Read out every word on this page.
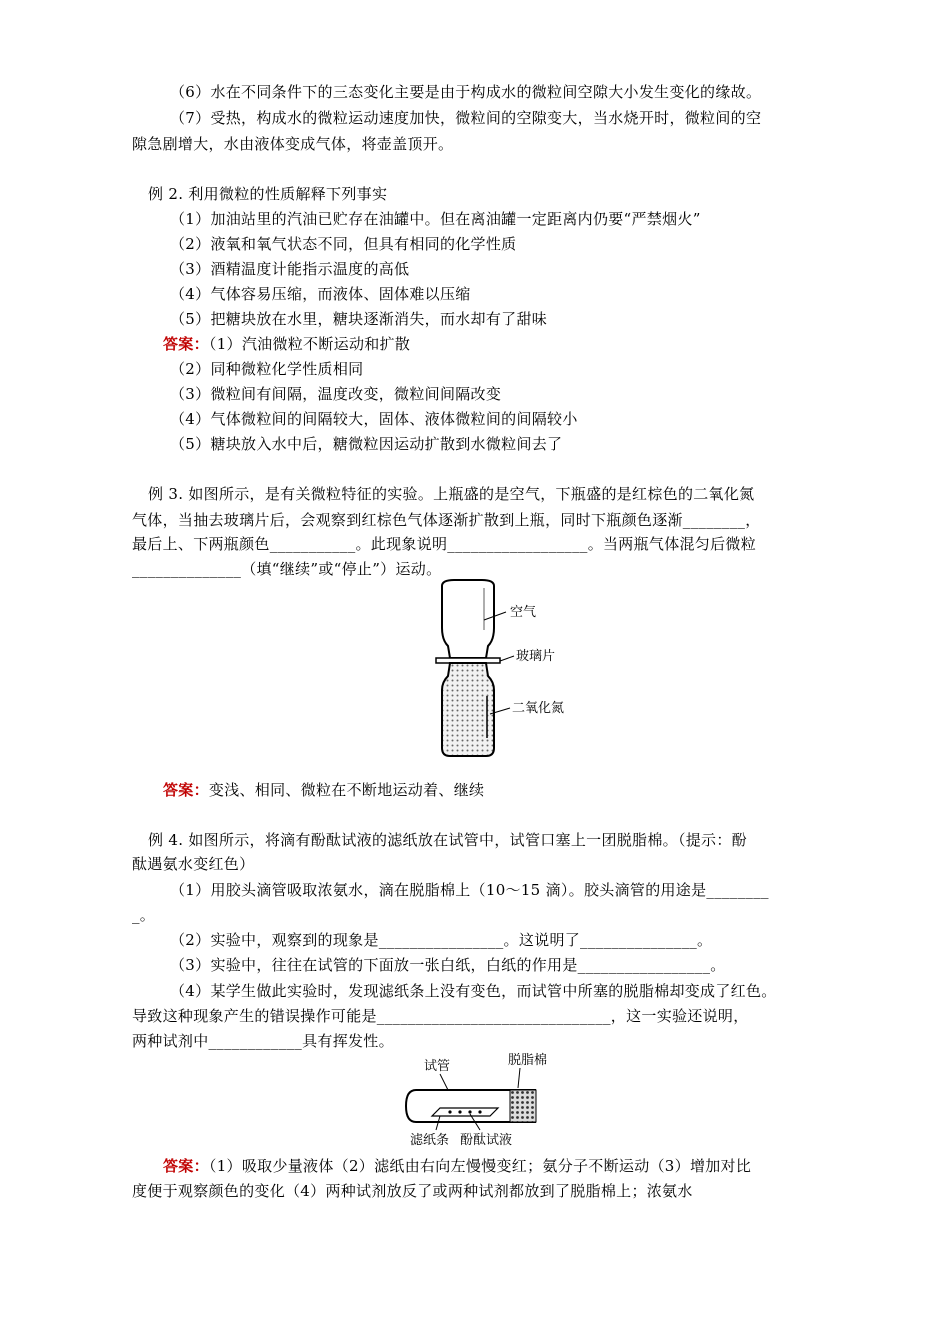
（6）水在不同条件下的三态变化主要是由于构成水的微粒间空隙大小发生变化的缘故。
（7）受热，构成水的微粒运动速度加快，微粒间的空隙变大，当水烧开时，微粒间的空
隙急剧增大，水由液体变成气体，将壶盖顶开。
例 2. 利用微粒的性质解释下列事实
（1）加油站里的汽油已贮存在油罐中。但在离油罐一定距离内仍要“严禁烟火”
（2）液氧和氧气状态不同，但具有相同的化学性质
（3）酒精温度计能指示温度的高低
（4）气体容易压缩，而液体、固体难以压缩
（5）把糖块放在水里，糖块逐渐消失，而水却有了甜味
答案：（1）汽油微粒不断运动和扩散
（2）同种微粒化学性质相同
（3）微粒间有间隔，温度改变，微粒间间隔改变
（4）气体微粒间的间隔较大，固体、液体微粒间的间隔较小
（5）糖块放入水中后，糖微粒因运动扩散到水微粒间去了
例 3. 如图所示，是有关微粒特征的实验。上瓶盛的是空气，下瓶盛的是红棕色的二氧化氮
气体，当抽去玻璃片后，会观察到红棕色气体逐渐扩散到上瓶，同时下瓶颜色逐渐________，
最后上、下两瓶颜色___________。此现象说明__________________。当两瓶气体混匀后微粒
______________（填“继续”或“停止”）运动。
空气
玻璃片
二氧化氮
答案：变浅、相同、微粒在不断地运动着、继续
例 4. 如图所示，将滴有酚酞试液的滤纸放在试管中，试管口塞上一团脱脂棉。（提示：酚
酞遇氨水变红色）
（1）用胶头滴管吸取浓氨水，滴在脱脂棉上（10～15 滴）。胶头滴管的用途是________
_。
（2）实验中，观察到的现象是________________。这说明了_______________。
（3）实验中，往往在试管的下面放一张白纸，白纸的作用是_________________。
（4）某学生做此实验时，发现滤纸条上没有变色，而试管中所塞的脱脂棉却变成了红色。
导致这种现象产生的错误操作可能是______________________________，这一实验还说明，
两种试剂中____________具有挥发性。
试管	脱脂棉
滤纸条 酚酞试液
答案：（1）吸取少量液体（2）滤纸由右向左慢慢变红；氨分子不断运动（3）增加对比
度便于观察颜色的变化（4）两种试剂放反了或两种试剂都放到了脱脂棉上；浓氨水
